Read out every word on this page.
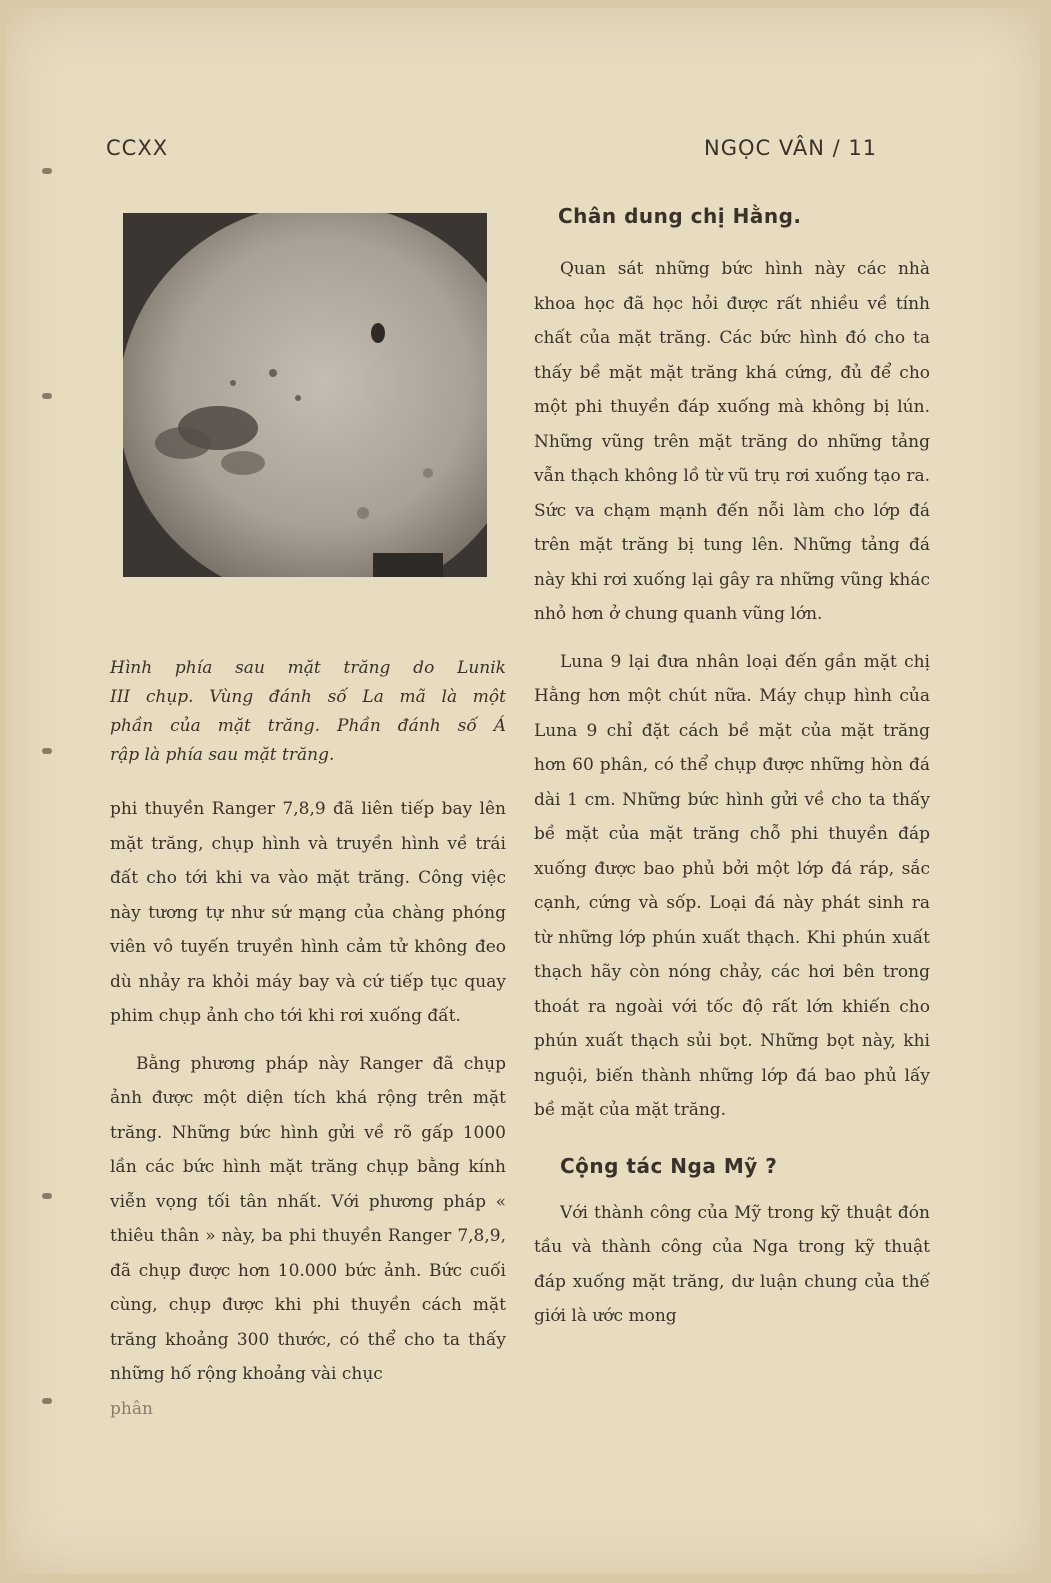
CCXX	NGỌC VÂN / 11
Hình phía sau mặt trăng do Lunik
III chụp. Vùng đánh số La mã là một
phần của mặt trăng. Phần đánh số Á
rập là phía sau mặt trăng.

phi thuyền Ranger 7,8,9 đã liên tiếp bay lên mặt trăng, chụp hình và truyền hình về trái đất cho tới khi va vào mặt trăng. Công việc này tương tự như sứ mạng của chàng phóng viên vô tuyến truyền hình cảm tử không đeo dù nhảy ra khỏi máy bay và cứ tiếp tục quay phim chụp ảnh cho tới khi rơi xuống đất.

Bằng phương pháp này Ranger đã chụp ảnh được một diện tích khá rộng trên mặt trăng. Những bức hình gửi về rõ gấp 1000 lần các bức hình mặt trăng chụp bằng kính viễn vọng tối tân nhất. Với phương pháp « thiêu thân » này, ba phi thuyền Ranger 7,8,9, đã chụp được hơn 10.000 bức ảnh. Bức cuối cùng, chụp được khi phi thuyền cách mặt trăng khoảng 300 thước, có thể cho ta thấy những hố rộng khoảng vài chục

phân

Chân dung chị Hằng.

Quan sát những bức hình này các nhà khoa học đã học hỏi được rất nhiều về tính chất của mặt trăng. Các bức hình đó cho ta thấy bề mặt mặt trăng khá cứng, đủ để cho một phi thuyền đáp xuống mà không bị lún. Những vũng trên mặt trăng do những tảng vẫn thạch không lồ từ vũ trụ rơi xuống tạo ra. Sức va chạm mạnh đến nỗi làm cho lớp đá trên mặt trăng bị tung lên. Những tảng đá này khi rơi xuống lại gây ra những vũng khác nhỏ hơn ở chung quanh vũng lớn.

Luna 9 lại đưa nhân loại đến gần mặt chị Hằng hơn một chút nữa. Máy chụp hình của Luna 9 chỉ đặt cách bề mặt của mặt trăng hơn 60 phân, có thể chụp được những hòn đá dài 1 cm. Những bức hình gửi về cho ta thấy bề mặt của mặt trăng chỗ phi thuyền đáp xuống được bao phủ bởi một lớp đá ráp, sắc cạnh, cứng và sốp. Loại đá này phát sinh ra từ những lớp phún xuất thạch. Khi phún xuất thạch hãy còn nóng chảy, các hơi bên trong thoát ra ngoài với tốc độ rất lớn khiến cho phún xuất thạch sủi bọt. Những bọt này, khi nguội, biến thành những lớp đá bao phủ lấy bề mặt của mặt trăng.

Cộng tác Nga Mỹ ?

Với thành công của Mỹ trong kỹ thuật đón tầu và thành công của Nga trong kỹ thuật đáp xuống mặt trăng, dư luận chung của thế giới là ước mong
